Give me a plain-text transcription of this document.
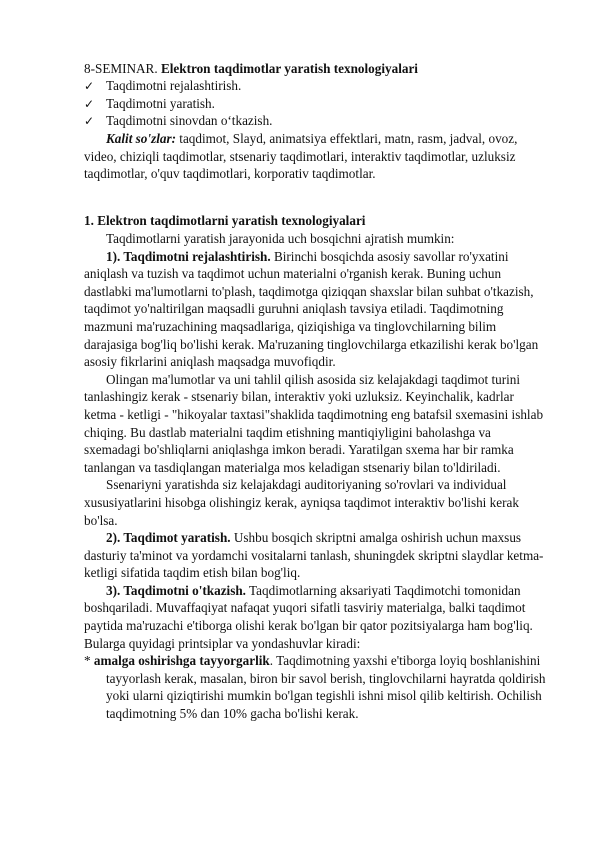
8-SEMINAR. Elektron taqdimotlar yaratish texnologiyalari
✓ Taqdimotni rejalashtirish.
✓ Taqdimotni yaratish.
✓ Taqdimotni sinovdan o‘tkazish.

Kalit so'zlar: taqdimot, Slayd, animatsiya effektlari, matn, rasm, jadval, ovoz, video, chiziqli taqdimotlar, stsenariy taqdimotlari, interaktiv taqdimotlar, uzluksiz taqdimotlar, o'quv taqdimotlari, korporativ taqdimotlar.

1. Elektron taqdimotlarni yaratish texnologiyalari

Taqdimotlarni yaratish jarayonida uch bosqichni ajratish mumkin:

1). Taqdimotni rejalashtirish. Birinchi bosqichda asosiy savollar ro'yxatini aniqlash va tuzish va taqdimot uchun materialni o'rganish kerak. Buning uchun dastlabki ma'lumotlarni to'plash, taqdimotga qiziqqan shaxslar bilan suhbat o'tkazish, taqdimot yo'naltirilgan maqsadli guruhni aniqlash tavsiya etiladi. Taqdimotning mazmuni ma'ruzachining maqsadlariga, qiziqishiga va tinglovchilarning bilim darajasiga bog'liq bo'lishi kerak. Ma'ruzaning tinglovchilarga etkazilishi kerak bo'lgan asosiy fikrlarini aniqlash maqsadga muvofiqdir.

Olingan ma'lumotlar va uni tahlil qilish asosida siz kelajakdagi taqdimot turini tanlashingiz kerak - stsenariy bilan, interaktiv yoki uzluksiz. Keyinchalik, kadrlar ketma - ketligi - "hikoyalar taxtasi"shaklida taqdimotning eng batafsil sxemasini ishlab chiqing. Bu dastlab materialni taqdim etishning mantiqiyligini baholashga va sxemadagi bo'shliqlarni aniqlashga imkon beradi. Yaratilgan sxema har bir ramka tanlangan va tasdiqlangan materialga mos keladigan stsenariy bilan to'ldiriladi.

Ssenariyni yaratishda siz kelajakdagi auditoriyaning so'rovlari va individual xususiyatlarini hisobga olishingiz kerak, ayniqsa taqdimot interaktiv bo'lishi kerak bo'lsa.

2). Taqdimot yaratish. Ushbu bosqich skriptni amalga oshirish uchun maxsus dasturiy ta'minot va yordamchi vositalarni tanlash, shuningdek skriptni slaydlar ketma-ketligi sifatida taqdim etish bilan bog'liq.

3). Taqdimotni o'tkazish. Taqdimotlarning aksariyati Taqdimotchi tomonidan boshqariladi. Muvaffaqiyat nafaqat yuqori sifatli tasviriy materialga, balki taqdimot paytida ma'ruzachi e'tiborga olishi kerak bo'lgan bir qator pozitsiyalarga ham bog'liq. Bularga quyidagi printsiplar va yondashuvlar kiradi:

* amalga oshirishga tayyorgarlik. Taqdimotning yaxshi e'tiborga loyiq boshlanishini tayyorlash kerak, masalan, biron bir savol berish, tinglovchilarni hayratda qoldirish yoki ularni qiziqtirishi mumkin bo'lgan tegishli ishni misol qilib keltirish. Ochilish taqdimotning 5% dan 10% gacha bo'lishi kerak.
